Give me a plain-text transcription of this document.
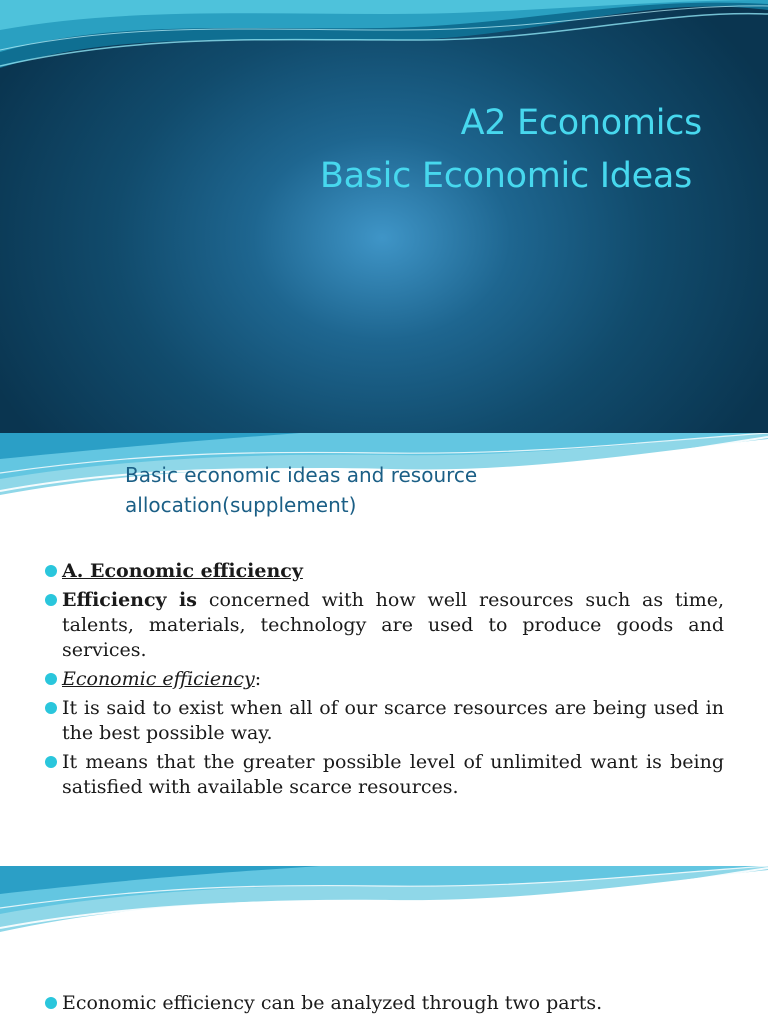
A2 Economics
Basic Economic Ideas
Basic economic ideas and resource allocation(supplement)
A. Economic efficiency
Efficiency is concerned with how well resources such as time, talents, materials, technology are used to produce goods and services.
Economic efficiency:
It is said to exist when all of our scarce resources are being used in the best possible way.
It means that the greater possible level of unlimited want is being satisfied with available scarce resources.
Economic efficiency can be analyzed through two parts.
